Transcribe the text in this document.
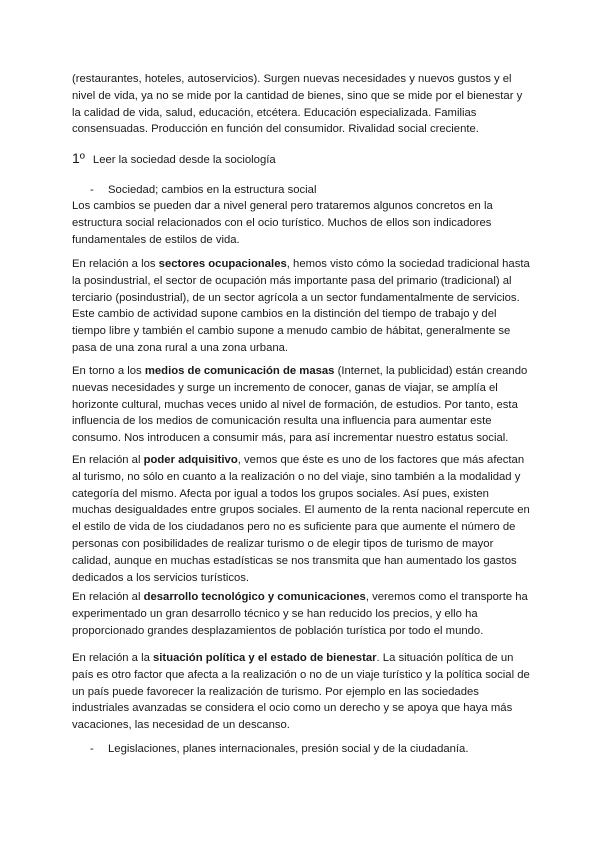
(restaurantes, hoteles, autoservicios). Surgen nuevas necesidades y nuevos gustos y el nivel de vida, ya no se mide por la cantidad de bienes, sino que se mide por el bienestar y la calidad de vida, salud, educación, etcétera. Educación especializada. Familias consensuadas. Producción en función del consumidor. Rivalidad social creciente.
1º Leer la sociedad desde la sociología
- Sociedad; cambios en la estructura social
Los cambios se pueden dar a nivel general pero trataremos algunos concretos en la estructura social relacionados con el ocio turístico. Muchos de ellos son indicadores fundamentales de estilos de vida.
En relación a los sectores ocupacionales, hemos visto cómo la sociedad tradicional hasta la posindustrial, el sector de ocupación más importante pasa del primario (tradicional) al terciario (posindustrial), de un sector agrícola a un sector fundamentalmente de servicios. Este cambio de actividad supone cambios en la distinción del tiempo de trabajo y del tiempo libre y también el cambio supone a menudo cambio de hábitat, generalmente se pasa de una zona rural a una zona urbana.
En torno a los medios de comunicación de masas (Internet, la publicidad) están creando nuevas necesidades y surge un incremento de conocer, ganas de viajar, se amplía el horizonte cultural, muchas veces unido al nivel de formación, de estudios. Por tanto, esta influencia de los medios de comunicación resulta una influencia para aumentar este consumo. Nos introducen a consumir más, para así incrementar nuestro estatus social.
En relación al poder adquisitivo, vemos que éste es uno de los factores que más afectan al turismo, no sólo en cuanto a la realización o no del viaje, sino también a la modalidad y categoría del mismo. Afecta por igual a todos los grupos sociales. Así pues, existen muchas desigualdades entre grupos sociales. El aumento de la renta nacional repercute en el estilo de vida de los ciudadanos pero no es suficiente para que aumente el número de personas con posibilidades de realizar turismo o de elegir tipos de turismo de mayor calidad, aunque en muchas estadísticas se nos transmita que han aumentado los gastos dedicados a los servicios turísticos.
En relación al desarrollo tecnológico y comunicaciones, veremos como el transporte ha experimentado un gran desarrollo técnico y se han reducido los precios, y ello ha proporcionado grandes desplazamientos de población turística por todo el mundo.
En relación a la situación política y el estado de bienestar. La situación política de un país es otro factor que afecta a la realización o no de un viaje turístico y la política social de un país puede favorecer la realización de turismo. Por ejemplo en las sociedades industriales avanzadas se considera el ocio como un derecho y se apoya que haya más vacaciones, las necesidad de un descanso.
- Legislaciones, planes internacionales, presión social y de la ciudadanía.
